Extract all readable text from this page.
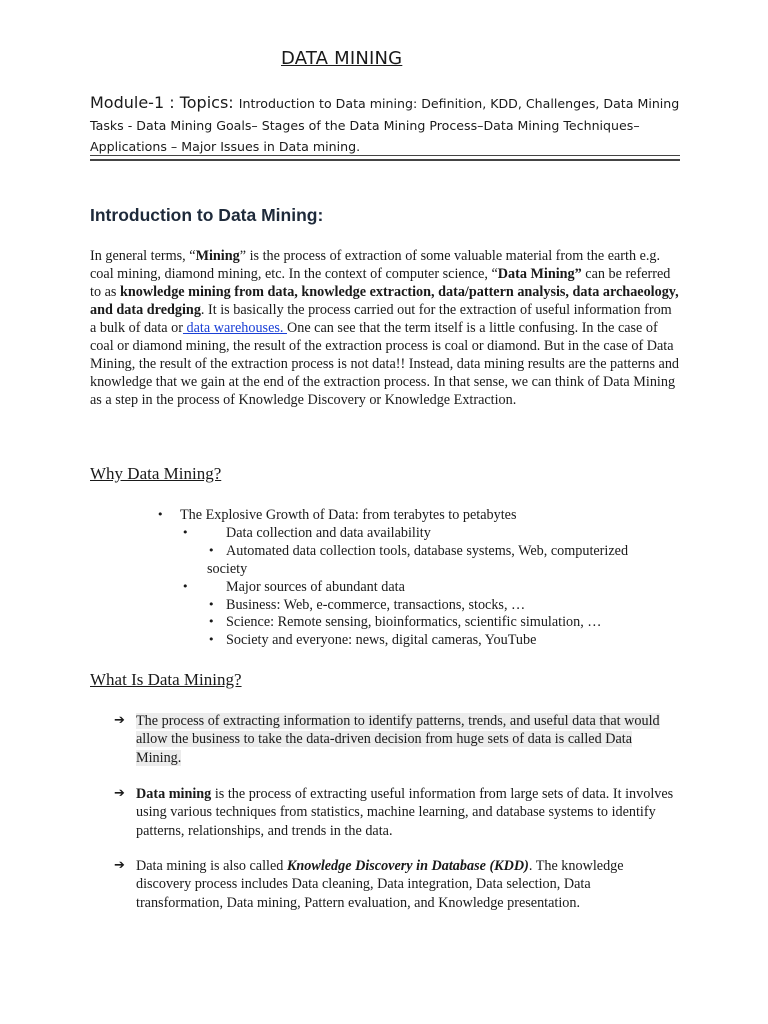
DATA MINING
Module-1 : Topics: Introduction to Data mining: Definition, KDD, Challenges, Data Mining Tasks - Data Mining Goals– Stages of the Data Mining Process–Data Mining Techniques–Applications – Major Issues in Data mining.
Introduction to Data Mining:
In general terms, “Mining” is the process of extraction of some valuable material from the earth e.g. coal mining, diamond mining, etc. In the context of computer science, “Data Mining” can be referred to as knowledge mining from data, knowledge extraction, data/pattern analysis, data archaeology, and data dredging. It is basically the process carried out for the extraction of useful information from a bulk of data or data warehouses. One can see that the term itself is a little confusing. In the case of coal or diamond mining, the result of the extraction process is coal or diamond. But in the case of Data Mining, the result of the extraction process is not data!! Instead, data mining results are the patterns and knowledge that we gain at the end of the extraction process. In that sense, we can think of Data Mining as a step in the process of Knowledge Discovery or Knowledge Extraction.
Why Data Mining?
• The Explosive Growth of Data: from terabytes to petabytes
•	Data collection and data availability
• Automated data collection tools, database systems, Web, computerized
society
•	Major sources of abundant data
• Business: Web, e-commerce, transactions, stocks, …
• Science: Remote sensing, bioinformatics, scientific simulation, …
• Society and everyone: news, digital cameras, YouTube
What Is Data Mining?
➔ The process of extracting information to identify patterns, trends, and useful data that would allow the business to take the data-driven decision from huge sets of data is called Data Mining.
➔ Data mining is the process of extracting useful information from large sets of data. It involves using various techniques from statistics, machine learning, and database systems to identify patterns, relationships, and trends in the data.
➔ Data mining is also called Knowledge Discovery in Database (KDD). The knowledge discovery process includes Data cleaning, Data integration, Data selection, Data transformation, Data mining, Pattern evaluation, and Knowledge presentation.
